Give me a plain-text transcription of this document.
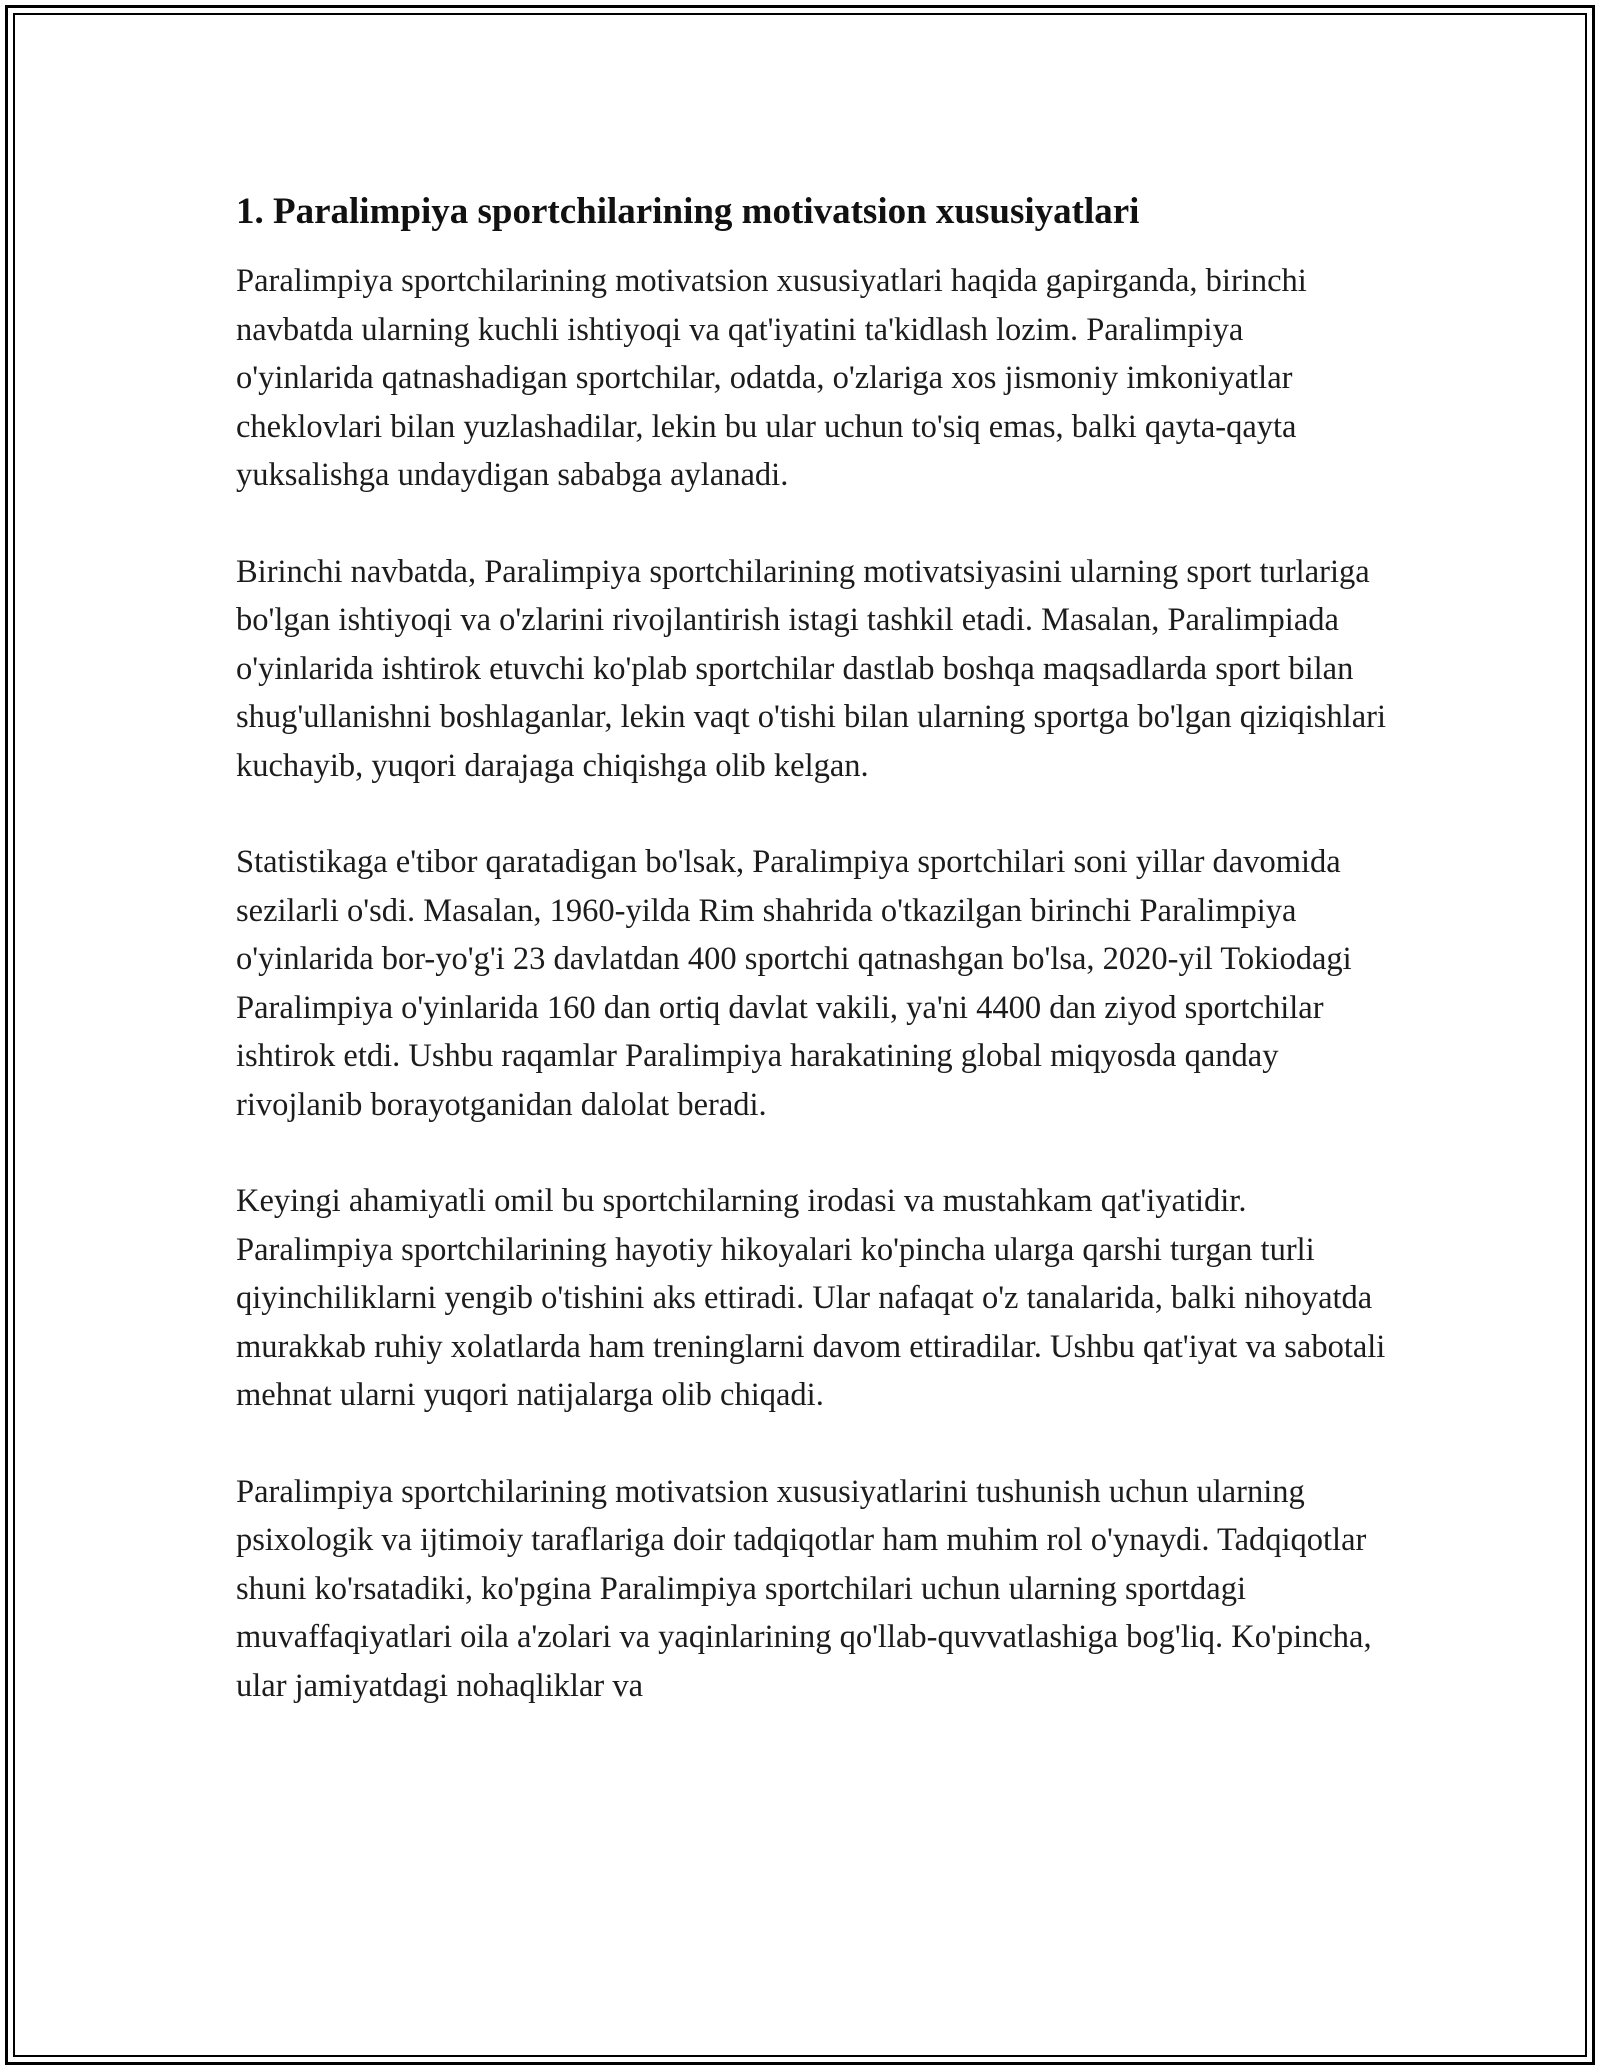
1. Paralimpiya sportchilarining motivatsion xususiyatlari

Paralimpiya sportchilarining motivatsion xususiyatlari haqida gapirganda, birinchi navbatda ularning kuchli ishtiyoqi va qat'iyatini ta'kidlash lozim. Paralimpiya o'yinlarida qatnashadigan sportchilar, odatda, o'zlariga xos jismoniy imkoniyatlar cheklovlari bilan yuzlashadilar, lekin bu ular uchun to'siq emas, balki qayta-qayta yuksalishga undaydigan sababga aylanadi.

Birinchi navbatda, Paralimpiya sportchilarining motivatsiyasini ularning sport turlariga bo'lgan ishtiyoqi va o'zlarini rivojlantirish istagi tashkil etadi. Masalan, Paralimpiada o'yinlarida ishtirok etuvchi ko'plab sportchilar dastlab boshqa maqsadlarda sport bilan shug'ullanishni boshlaganlar, lekin vaqt o'tishi bilan ularning sportga bo'lgan qiziqishlari kuchayib, yuqori darajaga chiqishga olib kelgan.

Statistikaga e'tibor qaratadigan bo'lsak, Paralimpiya sportchilari soni yillar davomida sezilarli o'sdi. Masalan, 1960-yilda Rim shahrida o'tkazilgan birinchi Paralimpiya o'yinlarida bor-yo'g'i 23 davlatdan 400 sportchi qatnashgan bo'lsa, 2020-yil Tokiodagi Paralimpiya o'yinlarida 160 dan ortiq davlat vakili, ya'ni 4400 dan ziyod sportchilar ishtirok etdi. Ushbu raqamlar Paralimpiya harakatining global miqyosda qanday rivojlanib borayotganidan dalolat beradi.

Keyingi ahamiyatli omil bu sportchilarning irodasi va mustahkam qat'iyatidir. Paralimpiya sportchilarining hayotiy hikoyalari ko'pincha ularga qarshi turgan turli qiyinchiliklarni yengib o'tishini aks ettiradi. Ular nafaqat o'z tanalarida, balki nihoyatda murakkab ruhiy xolatlarda ham treninglarni davom ettiradilar. Ushbu qat'iyat va sabotali mehnat ularni yuqori natijalarga olib chiqadi.

Paralimpiya sportchilarining motivatsion xususiyatlarini tushunish uchun ularning psixologik va ijtimoiy taraflariga doir tadqiqotlar ham muhim rol o'ynaydi. Tadqiqotlar shuni ko'rsatadiki, ko'pgina Paralimpiya sportchilari uchun ularning sportdagi muvaffaqiyatlari oila a'zolari va yaqinlarining qo'llab-quvvatlashiga bog'liq. Ko'pincha, ular jamiyatdagi nohaqliklar va
